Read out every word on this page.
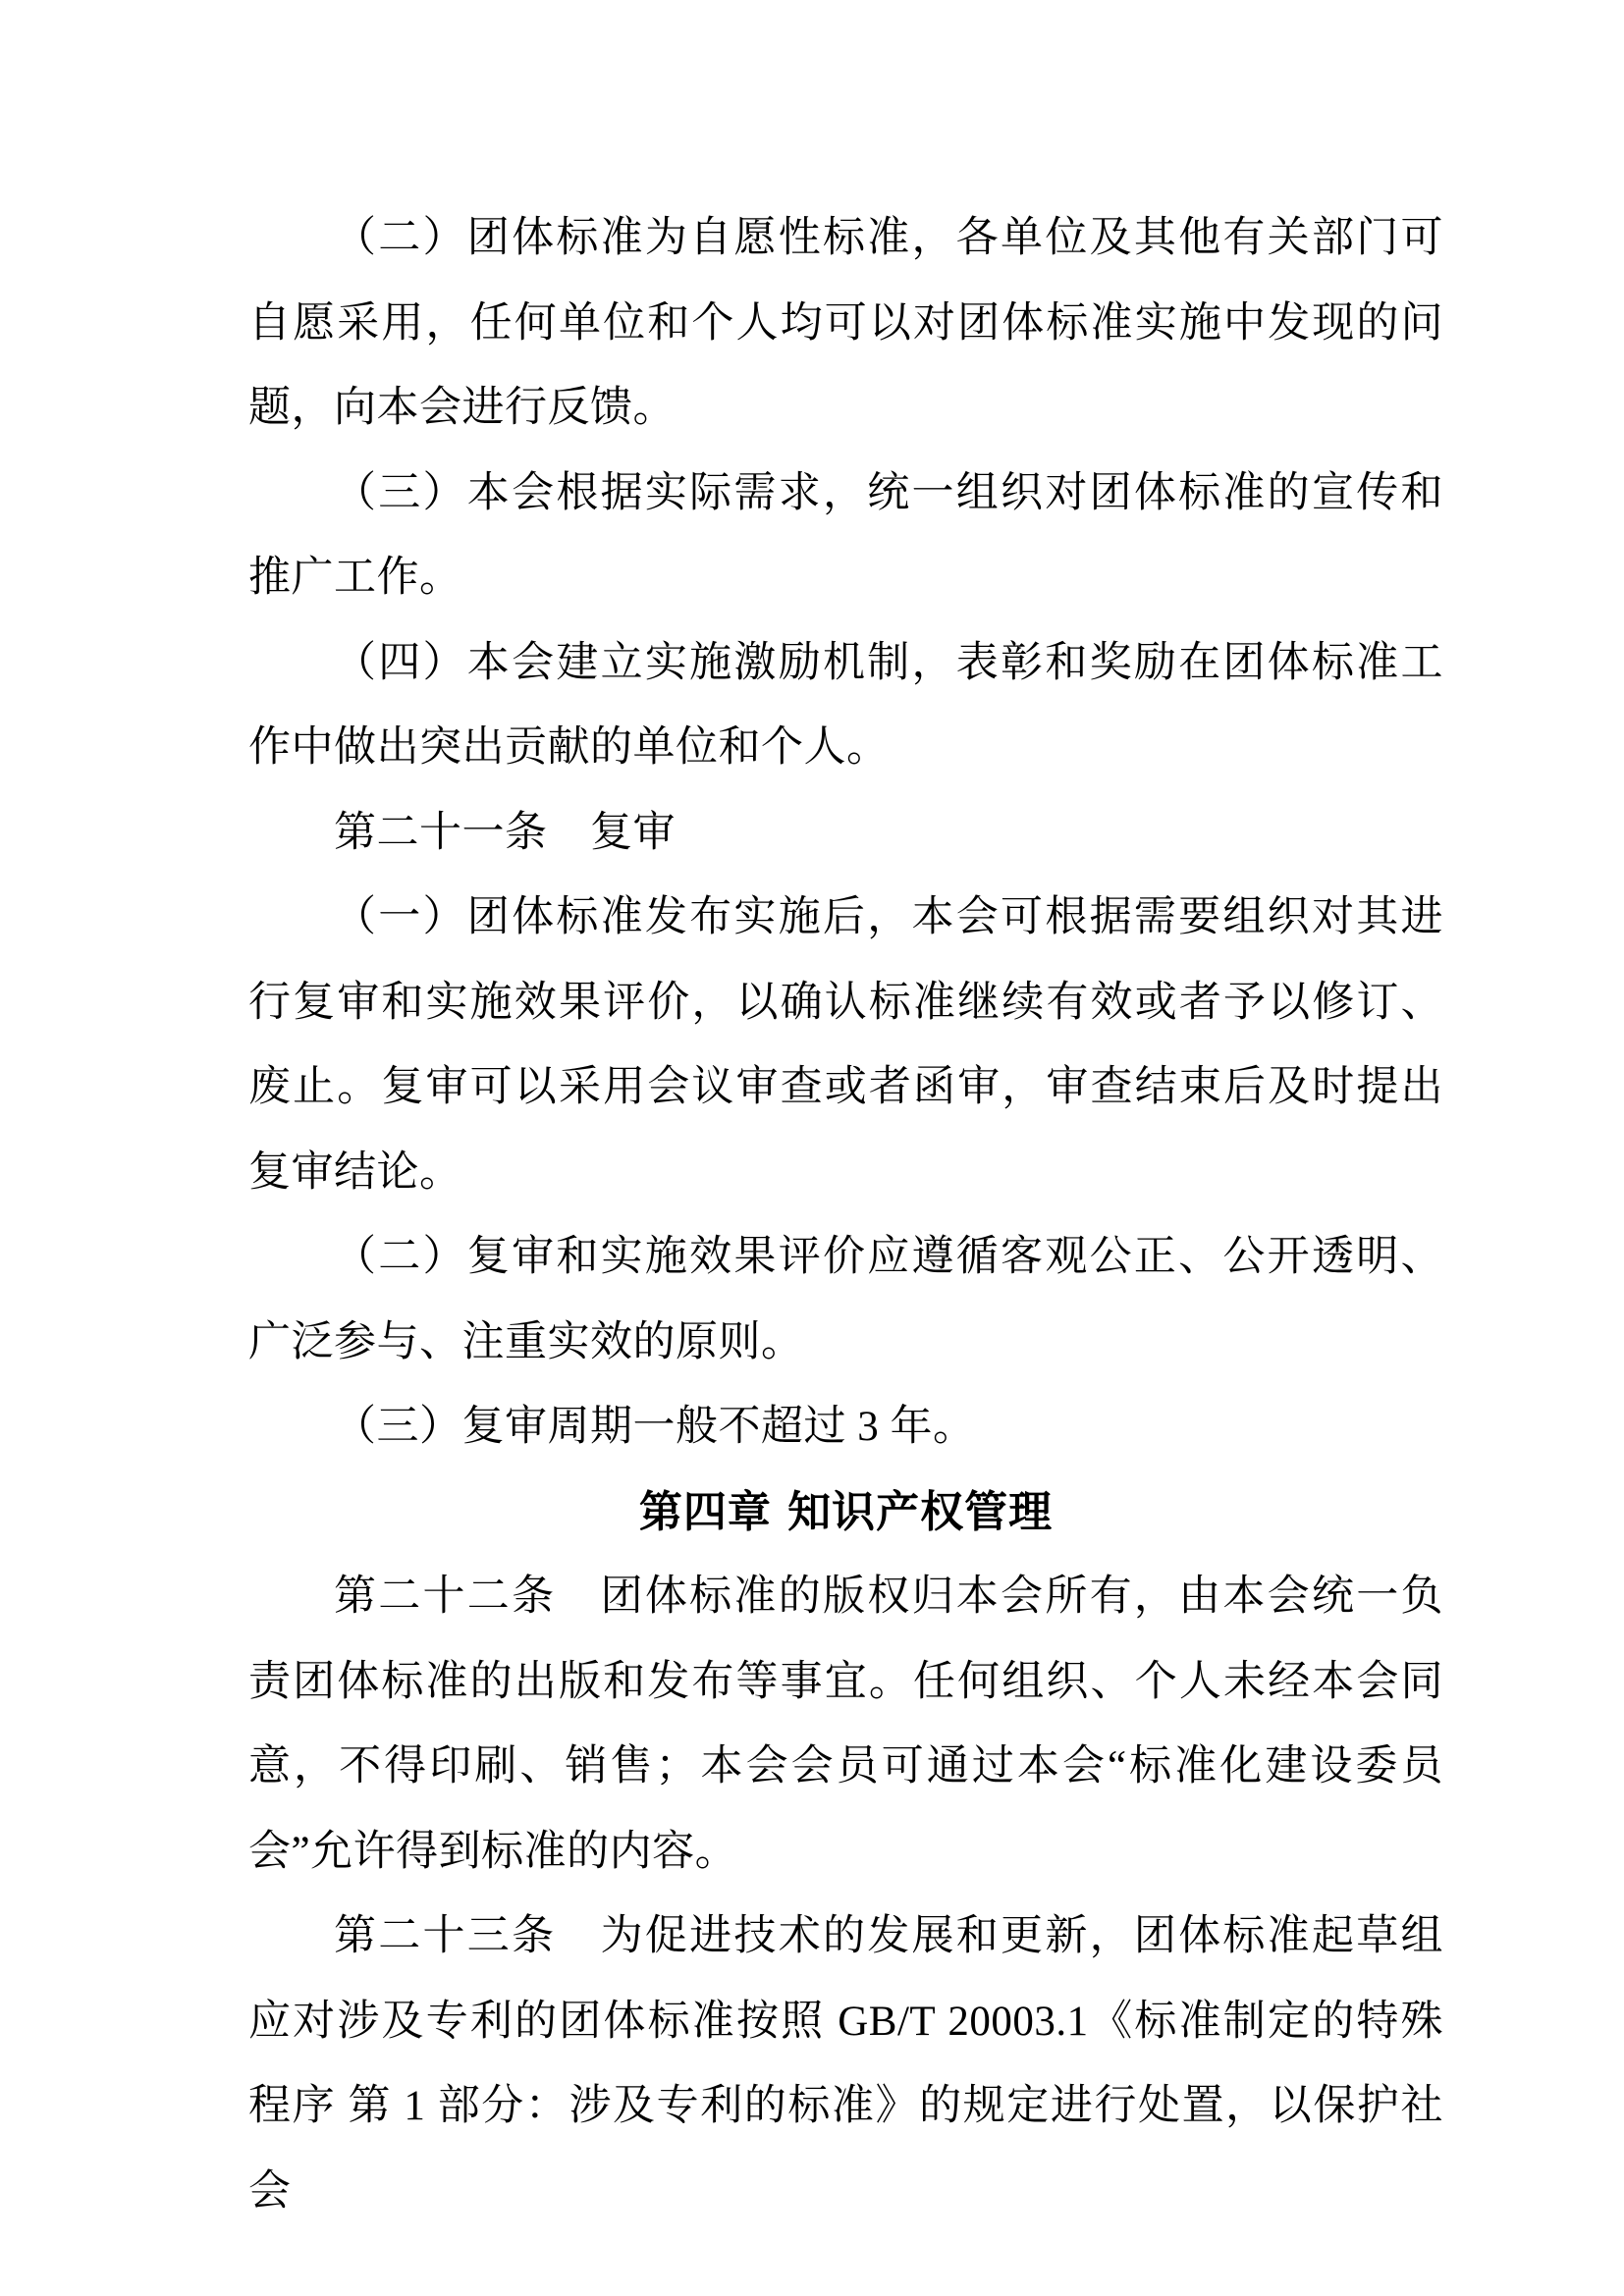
（二）团体标准为自愿性标准，各单位及其他有关部门可自愿采用，任何单位和个人均可以对团体标准实施中发现的问题，向本会进行反馈。

（三）本会根据实际需求，统一组织对团体标准的宣传和推广工作。

（四）本会建立实施激励机制，表彰和奖励在团体标准工作中做出突出贡献的单位和个人。

第二十一条　复审

（一）团体标准发布实施后，本会可根据需要组织对其进行复审和实施效果评价，以确认标准继续有效或者予以修订、废止。复审可以采用会议审查或者函审，审查结束后及时提出复审结论。

（二）复审和实施效果评价应遵循客观公正、公开透明、广泛参与、注重实效的原则。

（三）复审周期一般不超过 3 年。

第四章 知识产权管理

第二十二条　团体标准的版权归本会所有，由本会统一负责团体标准的出版和发布等事宜。任何组织、个人未经本会同意，不得印刷、销售；本会会员可通过本会“标准化建设委员会”允许得到标准的内容。

第二十三条　为促进技术的发展和更新，团体标准起草组应对涉及专利的团体标准按照 GB/T 20003.1《标准制定的特殊程序 第 1 部分：涉及专利的标准》的规定进行处置，以保护社会
